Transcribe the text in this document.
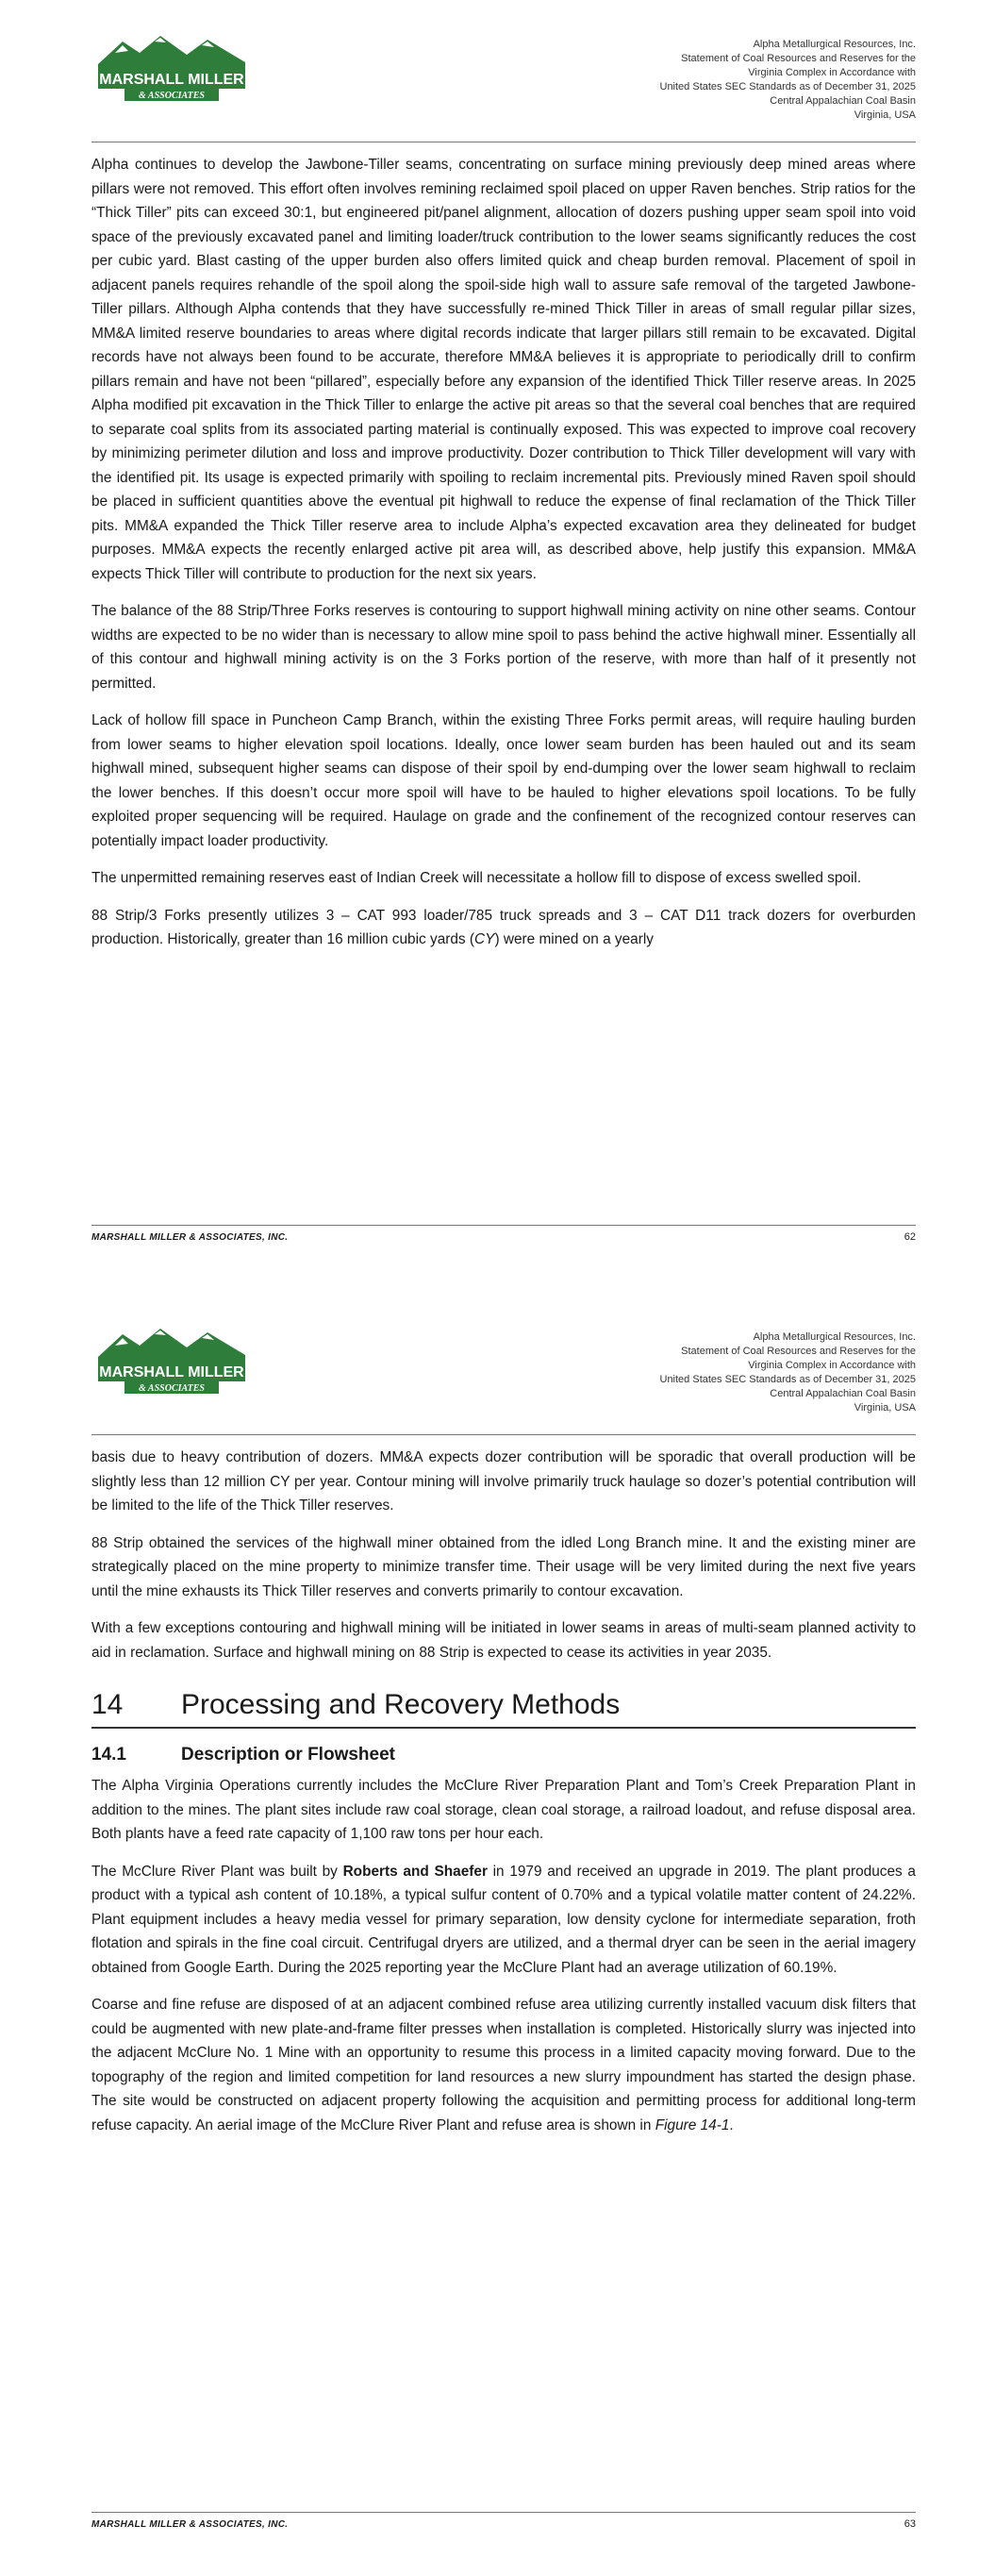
MARSHALL MILLER
& ASSOCIATES
Alpha Metallurgical Resources, Inc.
Statement of Coal Resources and Reserves for the
Virginia Complex in Accordance with
United States SEC Standards as of December 31, 2025
Central Appalachian Coal Basin
Virginia, USA

Alpha continues to develop the Jawbone-Tiller seams, concentrating on surface mining previously deep mined areas where pillars were not removed. This effort often involves remining reclaimed spoil placed on upper Raven benches. Strip ratios for the “Thick Tiller” pits can exceed 30:1, but engineered pit/panel alignment, allocation of dozers pushing upper seam spoil into void space of the previously excavated panel and limiting loader/truck contribution to the lower seams significantly reduces the cost per cubic yard. Blast casting of the upper burden also offers limited quick and cheap burden removal. Placement of spoil in adjacent panels requires rehandle of the spoil along the spoil-side high wall to assure safe removal of the targeted Jawbone-Tiller pillars. Although Alpha contends that they have successfully re-mined Thick Tiller in areas of small regular pillar sizes, MM&A limited reserve boundaries to areas where digital records indicate that larger pillars still remain to be excavated. Digital records have not always been found to be accurate, therefore MM&A believes it is appropriate to periodically drill to confirm pillars remain and have not been “pillared”, especially before any expansion of the identified Thick Tiller reserve areas. In 2025 Alpha modified pit excavation in the Thick Tiller to enlarge the active pit areas so that the several coal benches that are required to separate coal splits from its associated parting material is continually exposed. This was expected to improve coal recovery by minimizing perimeter dilution and loss and improve productivity. Dozer contribution to Thick Tiller development will vary with the identified pit. Its usage is expected primarily with spoiling to reclaim incremental pits. Previously mined Raven spoil should be placed in sufficient quantities above the eventual pit highwall to reduce the expense of final reclamation of the Thick Tiller pits. MM&A expanded the Thick Tiller reserve area to include Alpha’s expected excavation area they delineated for budget purposes. MM&A expects the recently enlarged active pit area will, as described above, help justify this expansion. MM&A expects Thick Tiller will contribute to production for the next six years.

The balance of the 88 Strip/Three Forks reserves is contouring to support highwall mining activity on nine other seams. Contour widths are expected to be no wider than is necessary to allow mine spoil to pass behind the active highwall miner. Essentially all of this contour and highwall mining activity is on the 3 Forks portion of the reserve, with more than half of it presently not permitted.

Lack of hollow fill space in Puncheon Camp Branch, within the existing Three Forks permit areas, will require hauling burden from lower seams to higher elevation spoil locations. Ideally, once lower seam burden has been hauled out and its seam highwall mined, subsequent higher seams can dispose of their spoil by end-dumping over the lower seam highwall to reclaim the lower benches. If this doesn’t occur more spoil will have to be hauled to higher elevations spoil locations. To be fully exploited proper sequencing will be required. Haulage on grade and the confinement of the recognized contour reserves can potentially impact loader productivity.

The unpermitted remaining reserves east of Indian Creek will necessitate a hollow fill to dispose of excess swelled spoil.

88 Strip/3 Forks presently utilizes 3 – CAT 993 loader/785 truck spreads and 3 – CAT D11 track dozers for overburden production. Historically, greater than 16 million cubic yards (CY) were mined on a yearly

MARSHALL MILLER & ASSOCIATES, INC.	62
MARSHALL MILLER
& ASSOCIATES
Alpha Metallurgical Resources, Inc.
Statement of Coal Resources and Reserves for the
Virginia Complex in Accordance with
United States SEC Standards as of December 31, 2025
Central Appalachian Coal Basin
Virginia, USA

basis due to heavy contribution of dozers. MM&A expects dozer contribution will be sporadic that overall production will be slightly less than 12 million CY per year. Contour mining will involve primarily truck haulage so dozer’s potential contribution will be limited to the life of the Thick Tiller reserves.

88 Strip obtained the services of the highwall miner obtained from the idled Long Branch mine. It and the existing miner are strategically placed on the mine property to minimize transfer time. Their usage will be very limited during the next five years until the mine exhausts its Thick Tiller reserves and converts primarily to contour excavation.

With a few exceptions contouring and highwall mining will be initiated in lower seams in areas of multi-seam planned activity to aid in reclamation. Surface and highwall mining on 88 Strip is expected to cease its activities in year 2035.

14	Processing and Recovery Methods
14.1	Description or Flowsheet

The Alpha Virginia Operations currently includes the McClure River Preparation Plant and Tom’s Creek Preparation Plant in addition to the mines. The plant sites include raw coal storage, clean coal storage, a railroad loadout, and refuse disposal area. Both plants have a feed rate capacity of 1,100 raw tons per hour each.

The McClure River Plant was built by Roberts and Shaefer in 1979 and received an upgrade in 2019. The plant produces a product with a typical ash content of 10.18%, a typical sulfur content of 0.70% and a typical volatile matter content of 24.22%. Plant equipment includes a heavy media vessel for primary separation, low density cyclone for intermediate separation, froth flotation and spirals in the fine coal circuit. Centrifugal dryers are utilized, and a thermal dryer can be seen in the aerial imagery obtained from Google Earth. During the 2025 reporting year the McClure Plant had an average utilization of 60.19%.

Coarse and fine refuse are disposed of at an adjacent combined refuse area utilizing currently installed vacuum disk filters that could be augmented with new plate-and-frame filter presses when installation is completed. Historically slurry was injected into the adjacent McClure No. 1 Mine with an opportunity to resume this process in a limited capacity moving forward. Due to the topography of the region and limited competition for land resources a new slurry impoundment has started the design phase. The site would be constructed on adjacent property following the acquisition and permitting process for additional long-term refuse capacity. An aerial image of the McClure River Plant and refuse area is shown in Figure 14-1.

MARSHALL MILLER & ASSOCIATES, INC.	63
